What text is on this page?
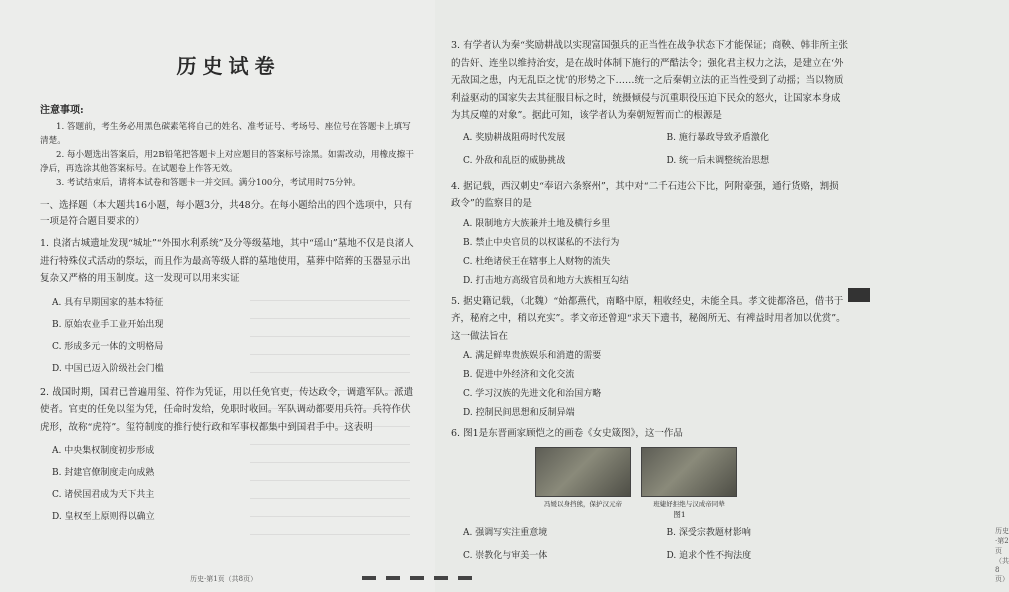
历史试卷
注意事项:

1. 答题前，考生务必用黑色碳素笔将自己的姓名、准考证号、考场号、座位号在答题卡上填写清楚。

2. 每小题选出答案后，用2B铅笔把答题卡上对应题目的答案标号涂黑。如需改动，用橡皮擦干净后，再选涂其他答案标号。在试题卷上作答无效。

3. 考试结束后，请将本试卷和答题卡一并交回。满分100分，考试用时75分钟。

一、选择题（本大题共16小题，每小题3分，共48分。在每小题给出的四个选项中，只有一项是符合题目要求的）
1. 良渚古城遗址发现“城址”“外围水利系统”及分等级墓地，其中“瑶山”墓地不仅是良渚人进行特殊仪式活动的祭坛，而且作为最高等级人群的墓地使用，墓葬中陪葬的玉器显示出复杂又严格的用玉制度。这一发现可以用来实证
A. 具有早期国家的基本特征
B. 原始农业手工业开始出现
C. 形成多元一体的文明格局
D. 中国已迈入阶级社会门槛
2. 战国时期，国君已普遍用玺、符作为凭证，用以任免官吏，传达政令，调遣军队。派遣使者。官吏的任免以玺为凭，任命时发给，免职时收回。军队调动都要用兵符。兵符作伏虎形，故称“虎符”。玺符制度的推行使行政和军事权都集中到国君手中。这表明
A. 中央集权制度初步形成
B. 封建官僚制度走向成熟
C. 诸侯国君成为天下共主
D. 皇权至上原则得以确立
历史·第1页（共8页）
3. 有学者认为秦“奖励耕战以实现富国强兵的正当性在战争状态下才能保证；商鞅、韩非所主张的告奸、连坐以维持治安，是在战时体制下施行的严酷法令；强化君主权力之法，是建立在‘外无敌国之患，内无乱臣之忧’的形势之下……统一之后秦朝立法的正当性受到了动摇；当以物质利益驱动的国家失去其征服目标之时，统摄倾侵与沉重职役压迫下民众的怒火，让国家本身成为其反噬的对象”。据此可知，该学者认为秦朝短暂而亡的根源是
A. 奖励耕战阻碍时代发展	B. 施行暴政导致矛盾激化
C. 外敌和乱臣的威胁挑战	D. 统一后未调整统治思想
4. 据记载，西汉刺史“奉诏六条察州”，其中对“二千石违公下比，阿附豪强，通行货赂，割损政令”的监察目的是
A. 限制地方大族兼并土地及横行乡里
B. 禁止中央官员的以权谋私的不法行为
C. 杜绝诸侯王在辖事上人财物的流失
D. 打击地方高级官员和地方大族相互勾结
5. 据史籍记载，（北魏）“始都燕代，南略中原，粗收经史，未能全具。孝文徙都洛邑，借书于齐，秘府之中，稍以充实”。孝文帝还曾迎“求天下遗书，秘阁所无、有裨益时用者加以优赏”。这一做法旨在
A. 满足鲜卑贵族娱乐和消遣的需要
B. 促进中外经济和文化交流
C. 学习汉族的先进文化和治国方略
D. 控制民间思想和反制异端
6. 图1是东晋画家顾恺之的画卷《女史箴图》，这一作品
冯媛以身挡熊，保护汉元帝	班婕妤拒绝与汉成帝同辇
图1
A. 强调写实注重意境	B. 深受宗教题材影响
C. 崇教化与审美一体	D. 追求个性不拘法度
历史·第2页（共8页）
